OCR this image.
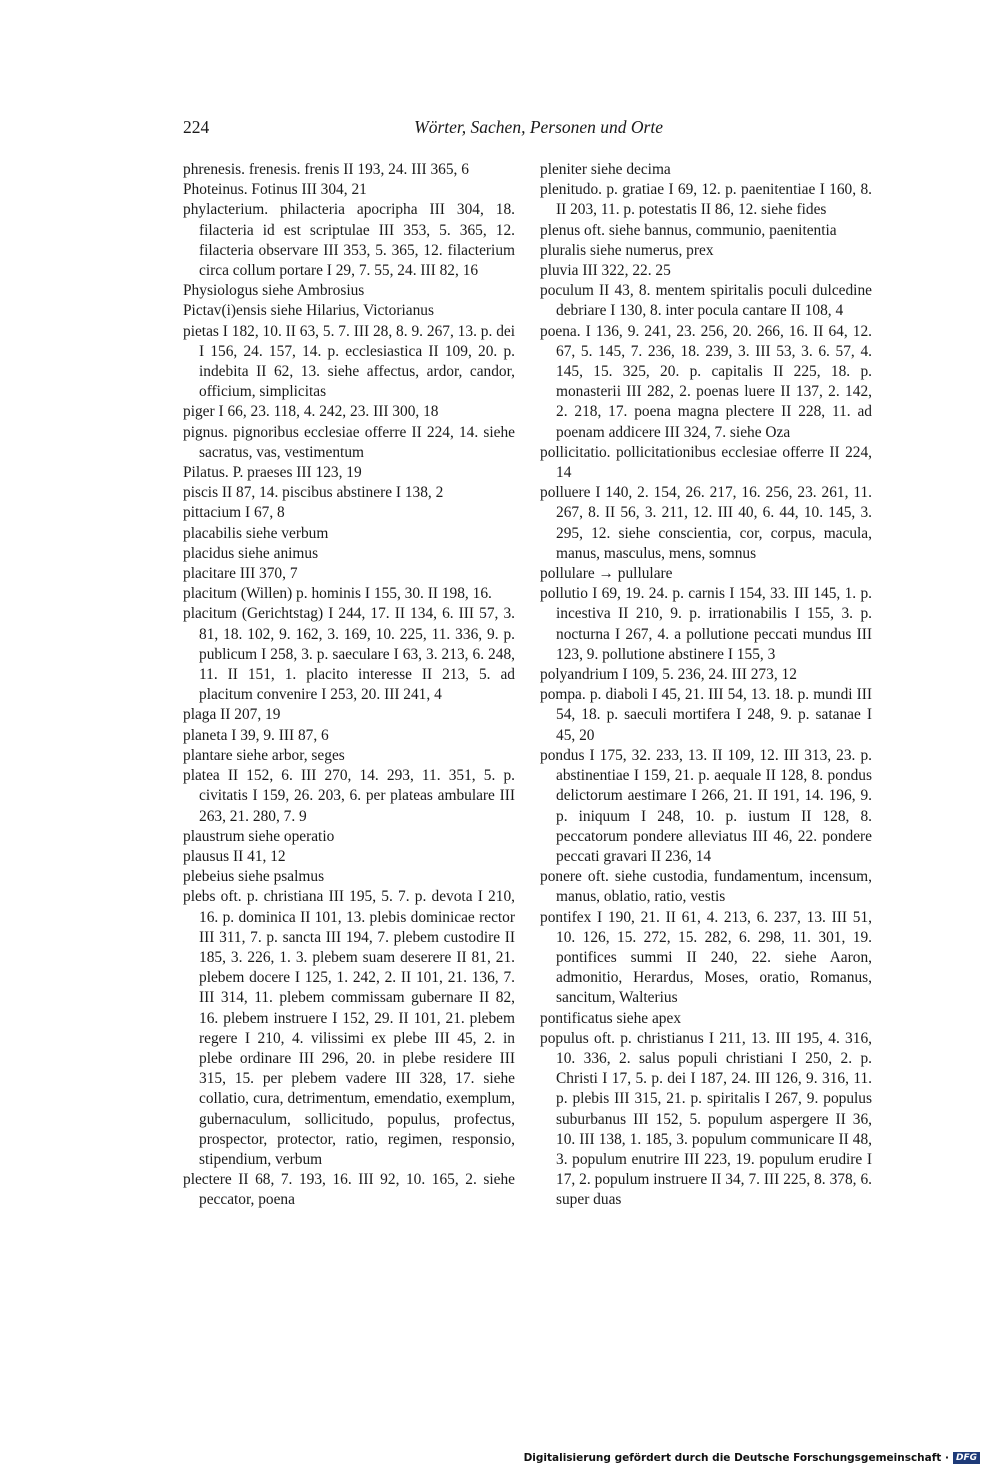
224	Wörter, Sachen, Personen und Orte
phrenesis. frenesis. frenis II 193, 24. III 365, 6
Photeinus. Fotinus III 304, 21
phylacterium. philacteria apocripha III 304, 18. filacteria id est scriptulae III 353, 5. 365, 12. filacteria observare III 353, 5. 365, 12. filacterium circa collum portare I 29, 7. 55, 24. III 82, 16
Physiologus siehe Ambrosius
Pictav(i)ensis siehe Hilarius, Victorianus
pietas I 182, 10. II 63, 5. 7. III 28, 8. 9. 267, 13. p. dei I 156, 24. 157, 14. p. ecclesiastica II 109, 20. p. indebita II 62, 13. siehe affectus, ardor, candor, officium, simplicitas
piger I 66, 23. 118, 4. 242, 23. III 300, 18
pignus. pignoribus ecclesiae offerre II 224, 14. siehe sacratus, vas, vestimentum
Pilatus. P. praeses III 123, 19
piscis II 87, 14. piscibus abstinere I 138, 2
pittacium I 67, 8
placabilis siehe verbum
placidus siehe animus
placitare III 370, 7
placitum (Willen) p. hominis I 155, 30. II 198, 16.
placitum (Gerichtstag) I 244, 17. II 134, 6. III 57, 3. 81, 18. 102, 9. 162, 3. 169, 10. 225, 11. 336, 9. p. publicum I 258, 3. p. saeculare I 63, 3. 213, 6. 248, 11. II 151, 1. placito interesse II 213, 5. ad placitum convenire I 253, 20. III 241, 4
plaga II 207, 19
planeta I 39, 9. III 87, 6
plantare siehe arbor, seges
platea II 152, 6. III 270, 14. 293, 11. 351, 5. p. civitatis I 159, 26. 203, 6. per plateas ambulare III 263, 21. 280, 7. 9
plaustrum siehe operatio
plausus II 41, 12
plebeius siehe psalmus
plebs oft. p. christiana III 195, 5. 7. p. devota I 210, 16. p. dominica II 101, 13. plebis dominicae rector III 311, 7. p. sancta III 194, 7. plebem custodire II 185, 3. 226, 1. 3. plebem suam deserere II 81, 21. plebem docere I 125, 1. 242, 2. II 101, 21. 136, 7. III 314, 11. plebem commissam gubernare II 82, 16. plebem instruere I 152, 29. II 101, 21. plebem regere I 210, 4. vilissimi ex plebe III 45, 2. in plebe ordinare III 296, 20. in plebe residere III 315, 15. per plebem vadere III 328, 17. siehe collatio, cura, detrimentum, emendatio, exemplum, gubernaculum, sollicitudo, populus, profectus, prospector, protector, ratio, regimen, responsio, stipendium, verbum
plectere II 68, 7. 193, 16. III 92, 10. 165, 2. siehe peccator, poena
pleniter siehe decima
plenitudo. p. gratiae I 69, 12. p. paenitentiae I 160, 8. II 203, 11. p. potestatis II 86, 12. siehe fides
plenus oft. siehe bannus, communio, paenitentia
pluralis siehe numerus, prex
pluvia III 322, 22. 25
poculum II 43, 8. mentem spiritalis poculi dulcedine debriare I 130, 8. inter pocula cantare II 108, 4
poena. I 136, 9. 241, 23. 256, 20. 266, 16. II 64, 12. 67, 5. 145, 7. 236, 18. 239, 3. III 53, 3. 6. 57, 4. 145, 15. 325, 20. p. capitalis II 225, 18. p. monasterii III 282, 2. poenas luere II 137, 2. 142, 2. 218, 17. poena magna plectere II 228, 11. ad poenam addicere III 324, 7. siehe Oza
pollicitatio. pollicitationibus ecclesiae offerre II 224, 14
polluere I 140, 2. 154, 26. 217, 16. 256, 23. 261, 11. 267, 8. II 56, 3. 211, 12. III 40, 6. 44, 10. 145, 3. 295, 12. siehe conscientia, cor, corpus, macula, manus, masculus, mens, somnus
pollulare → pullulare
pollutio I 69, 19. 24. p. carnis I 154, 33. III 145, 1. p. incestiva II 210, 9. p. irrationabilis I 155, 3. p. nocturna I 267, 4. a pollutione peccati mundus III 123, 9. pollutione abstinere I 155, 3
polyandrium I 109, 5. 236, 24. III 273, 12
pompa. p. diaboli I 45, 21. III 54, 13. 18. p. mundi III 54, 18. p. saeculi mortifera I 248, 9. p. satanae I 45, 20
pondus I 175, 32. 233, 13. II 109, 12. III 313, 23. p. abstinentiae I 159, 21. p. aequale II 128, 8. pondus delictorum aestimare I 266, 21. II 191, 14. 196, 9. p. iniquum I 248, 10. p. iustum II 128, 8. peccatorum pondere alleviatus III 46, 22. pondere peccati gravari II 236, 14
ponere oft. siehe custodia, fundamentum, incensum, manus, oblatio, ratio, vestis
pontifex I 190, 21. II 61, 4. 213, 6. 237, 13. III 51, 10. 126, 15. 272, 15. 282, 6. 298, 11. 301, 19. pontifices summi II 240, 22. siehe Aaron, admonitio, Herardus, Moses, oratio, Romanus, sancitum, Walterius
pontificatus siehe apex
populus oft. p. christianus I 211, 13. III 195, 4. 316, 10. 336, 2. salus populi christiani I 250, 2. p. Christi I 17, 5. p. dei I 187, 24. III 126, 9. 316, 11. p. plebis III 315, 21. p. spiritalis I 267, 9. populus suburbanus III 152, 5. populum aspergere II 36, 10. III 138, 1. 185, 3. populum communicare II 48, 3. populum enutrire III 223, 19. populum erudire I 17, 2. populum instruere II 34, 7. III 225, 8. 378, 6. super duas
Digitalisierung gefördert durch die Deutsche Forschungsgemeinschaft · DFG
